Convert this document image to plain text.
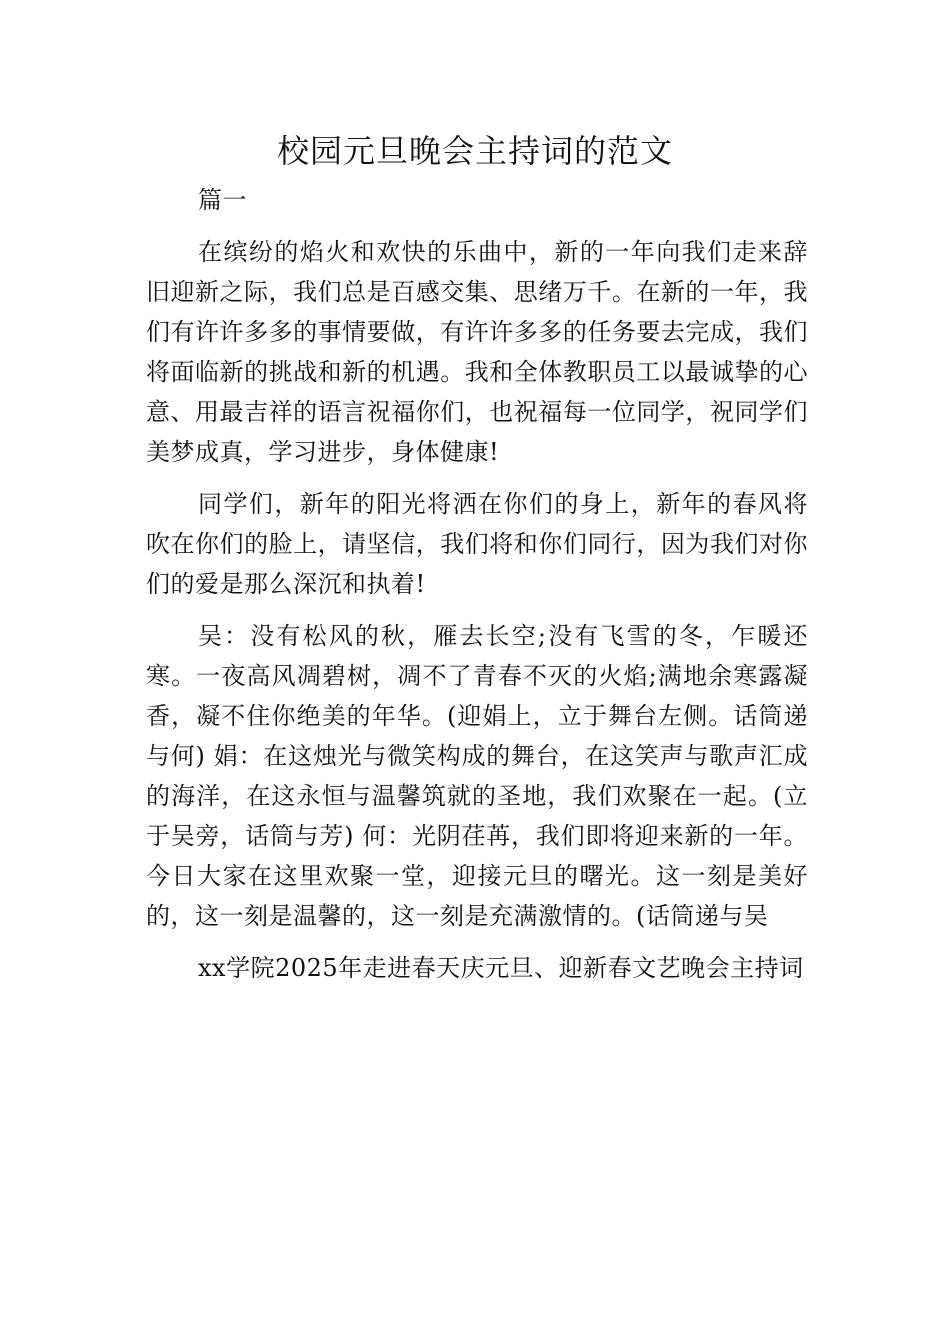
校园元旦晚会主持词的范文

篇一

在缤纷的焰火和欢快的乐曲中，新的一年向我们走来辞旧迎新之际，我们总是百感交集、思绪万千。在新的一年，我们有许许多多的事情要做，有许许多多的任务要去完成，我们将面临新的挑战和新的机遇。我和全体教职员工以最诚挚的心意、用最吉祥的语言祝福你们，也祝福每一位同学，祝同学们美梦成真，学习进步，身体健康!

同学们，新年的阳光将洒在你们的身上，新年的春风将吹在你们的脸上，请坚信，我们将和你们同行，因为我们对你们的爱是那么深沉和执着!

吴：没有松风的秋，雁去长空;没有飞雪的冬，乍暖还寒。一夜高风凋碧树，凋不了青春不灭的火焰;满地余寒露凝香，凝不住你绝美的年华。(迎娟上，立于舞台左侧。话筒递与何) 娟：在这烛光与微笑构成的舞台，在这笑声与歌声汇成的海洋，在这永恒与温馨筑就的圣地，我们欢聚在一起。(立于吴旁，话筒与芳) 何：光阴荏苒，我们即将迎来新的一年。今日大家在这里欢聚一堂，迎接元旦的曙光。这一刻是美好的，这一刻是温馨的，这一刻是充满激情的。(话筒递与吴

xx学院2025年走进春天庆元旦、迎新春文艺晚会主持词
